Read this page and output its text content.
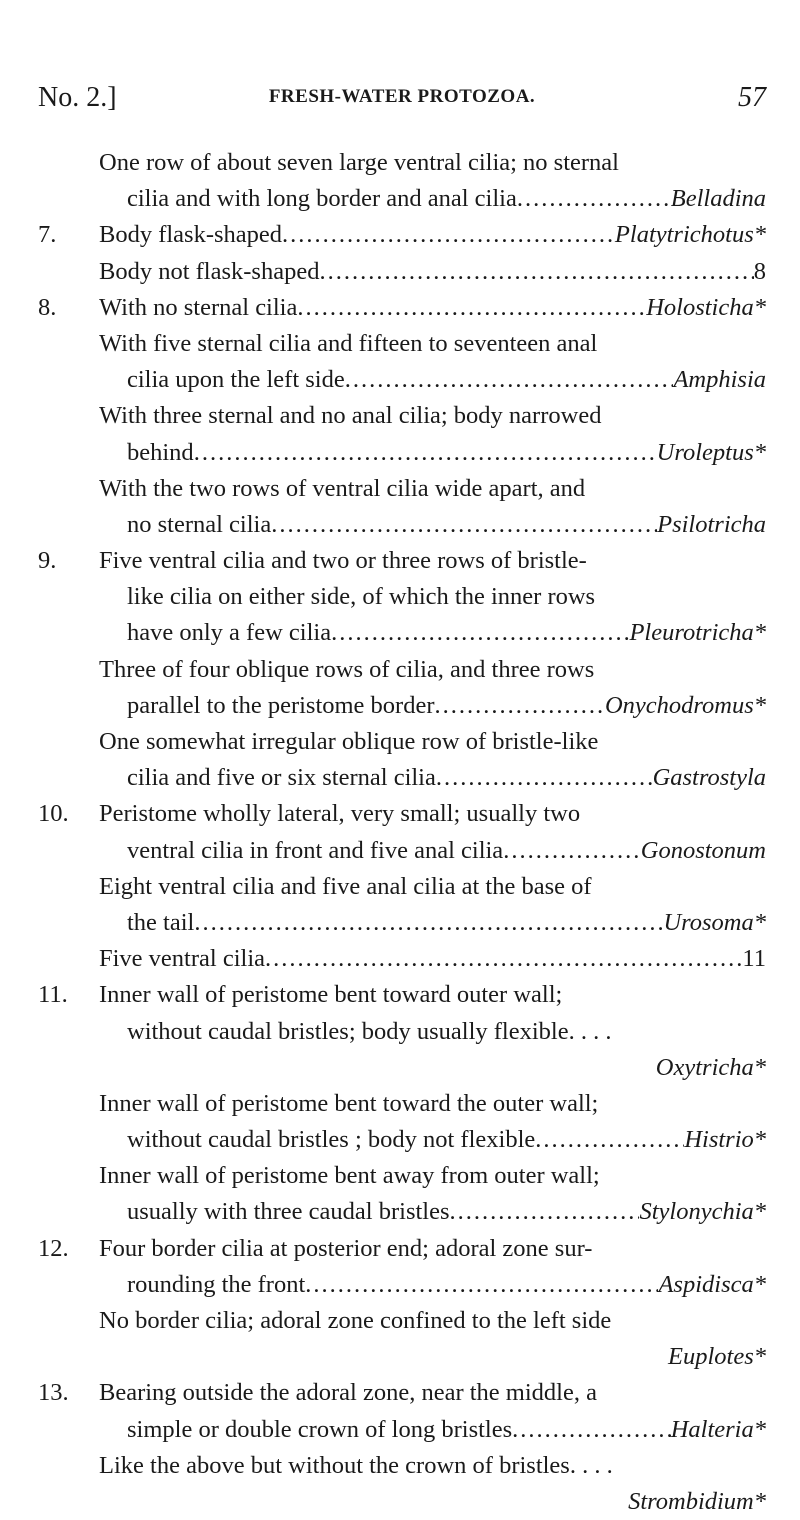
No. 2.]	FRESH-WATER PROTOZOA.	57
One row of about seven large ventral cilia; no sternal
cilia and with long border and anal cilia .....	Belladina
7. Body flask-shaped .....	Platytrichotus*
Body not flask-shaped .....	8
8. With no sternal cilia .....	Holosticha*
With five sternal cilia and fifteen to seventeen anal
cilia upon the left side .....	Amphisia
With three sternal and no anal cilia; body narrowed
behind .....	Uroleptus*
With the two rows of ventral cilia wide apart, and
no sternal cilia .....	Psilotricha
9. Five ventral cilia and two or three rows of bristle-
like cilia on either side, of which the inner rows
have only a few cilia .....	Pleurotricha*
Three of four oblique rows of cilia, and three rows
parallel to the peristome border .....	Onychodromus*
One somewhat irregular oblique row of bristle-like
cilia and five or six sternal cilia .....	Gastrostyla
10. Peristome wholly lateral, very small; usually two
ventral cilia in front and five anal cilia .....	Gonostonum
Eight ventral cilia and five anal cilia at the base of
the tail .....	Urosoma*
Five ventral cilia .....	11
11. Inner wall of peristome bent toward outer wall;
without caudal bristles; body usually flexible. . . .
Oxytricha*
Inner wall of peristome bent toward the outer wall;
without caudal bristles ; body not flexible .....	Histrio*
Inner wall of peristome bent away from outer wall;
usually with three caudal bristles .....	Stylonychia*
12. Four border cilia at posterior end; adoral zone sur-
rounding the front .....	Aspidisca*
No border cilia; adoral zone confined to the left side
Euplotes*
13. Bearing outside the adoral zone, near the middle, a
simple or double crown of long bristles .....	Halteria*
Like the above but without the crown of bristles. . . .
Strombidium*
